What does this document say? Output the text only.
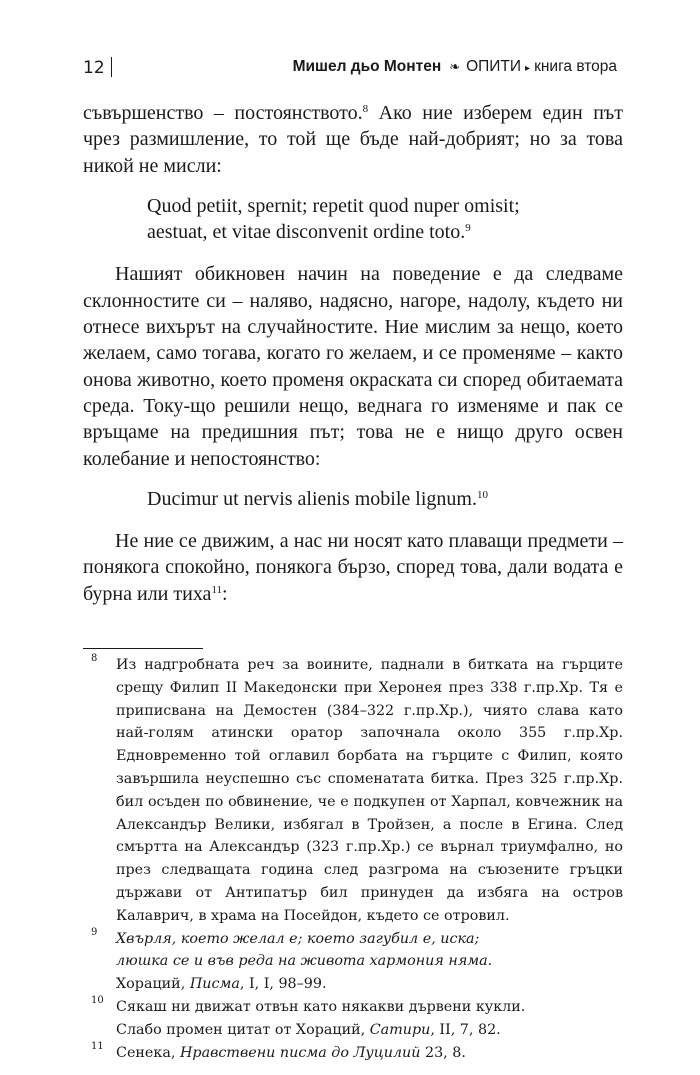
12	Мишел дьо Монтен ❧ ОПИТИ ▸ книга втора

съвършенство – постоянството.$^8$ Ако ние изберем един път чрез размишление, то той ще бъде най-добрият; но за това никой не мисли:

Quod petiit, spernit; repetit quod nuper omisit;
aestuat, et vitae disconvenit ordine toto.$^9$

Нашият обикновен начин на поведение е да следваме склонностите си – наляво, надясно, нагоре, надолу, където ни отнесе вихърът на случайностите. Ние мислим за нещо, което желаем, само тогава, когато го желаем, и се променяме – както онова животно, което променя окраската си според обитаемата среда. Току-що решили нещо, веднага го изменяме и пак се връщаме на предишния път; това не е нищо друго освен колебание и непостоянство:

Ducimur ut nervis alienis mobile lignum.$^{10}$

Не ние се движим, а нас ни носят като плаващи предмети – понякога спокойно, понякога бързо, според това, дали водата е бурна или тиха$^{11}$:

8 Из надгробната реч за воините, паднали в битката на гърците срещу Филип II Македонски при Херонея през 338 г.пр.Хр. Тя е приписвана на Демостен (384–322 г.пр.Хр.), чиято слава като най-голям атински оратор започнала около 355 г.пр.Хр. Едновременно той оглавил борбата на гърците с Филип, която завършила неуспешно със споменатата битка. През 325 г.пр.Хр. бил осъден по обвинение, че е подкупен от Харпал, ковчежник на Александър Велики, избягал в Тройзен, а после в Егина. След смъртта на Александър (323 г.пр.Хр.) се върнал триумфално, но през следващата година след разгрома на съюзените гръцки държави от Антипатър бил принуден да избяга на остров Калаврич, в храма на Посейдон, където се отровил.
9 Хвърля, което желал е; което загубил е, иска;
люшка се и във реда на живота хармония няма.
Хораций, Писма, I, I, 98–99.
10 Сякаш ни движат отвън като някакви дървени кукли.
Слабо промен цитат от Хораций, Сатири, II, 7, 82.
11 Сенека, Нравствени писма до Луцилий 23, 8.
